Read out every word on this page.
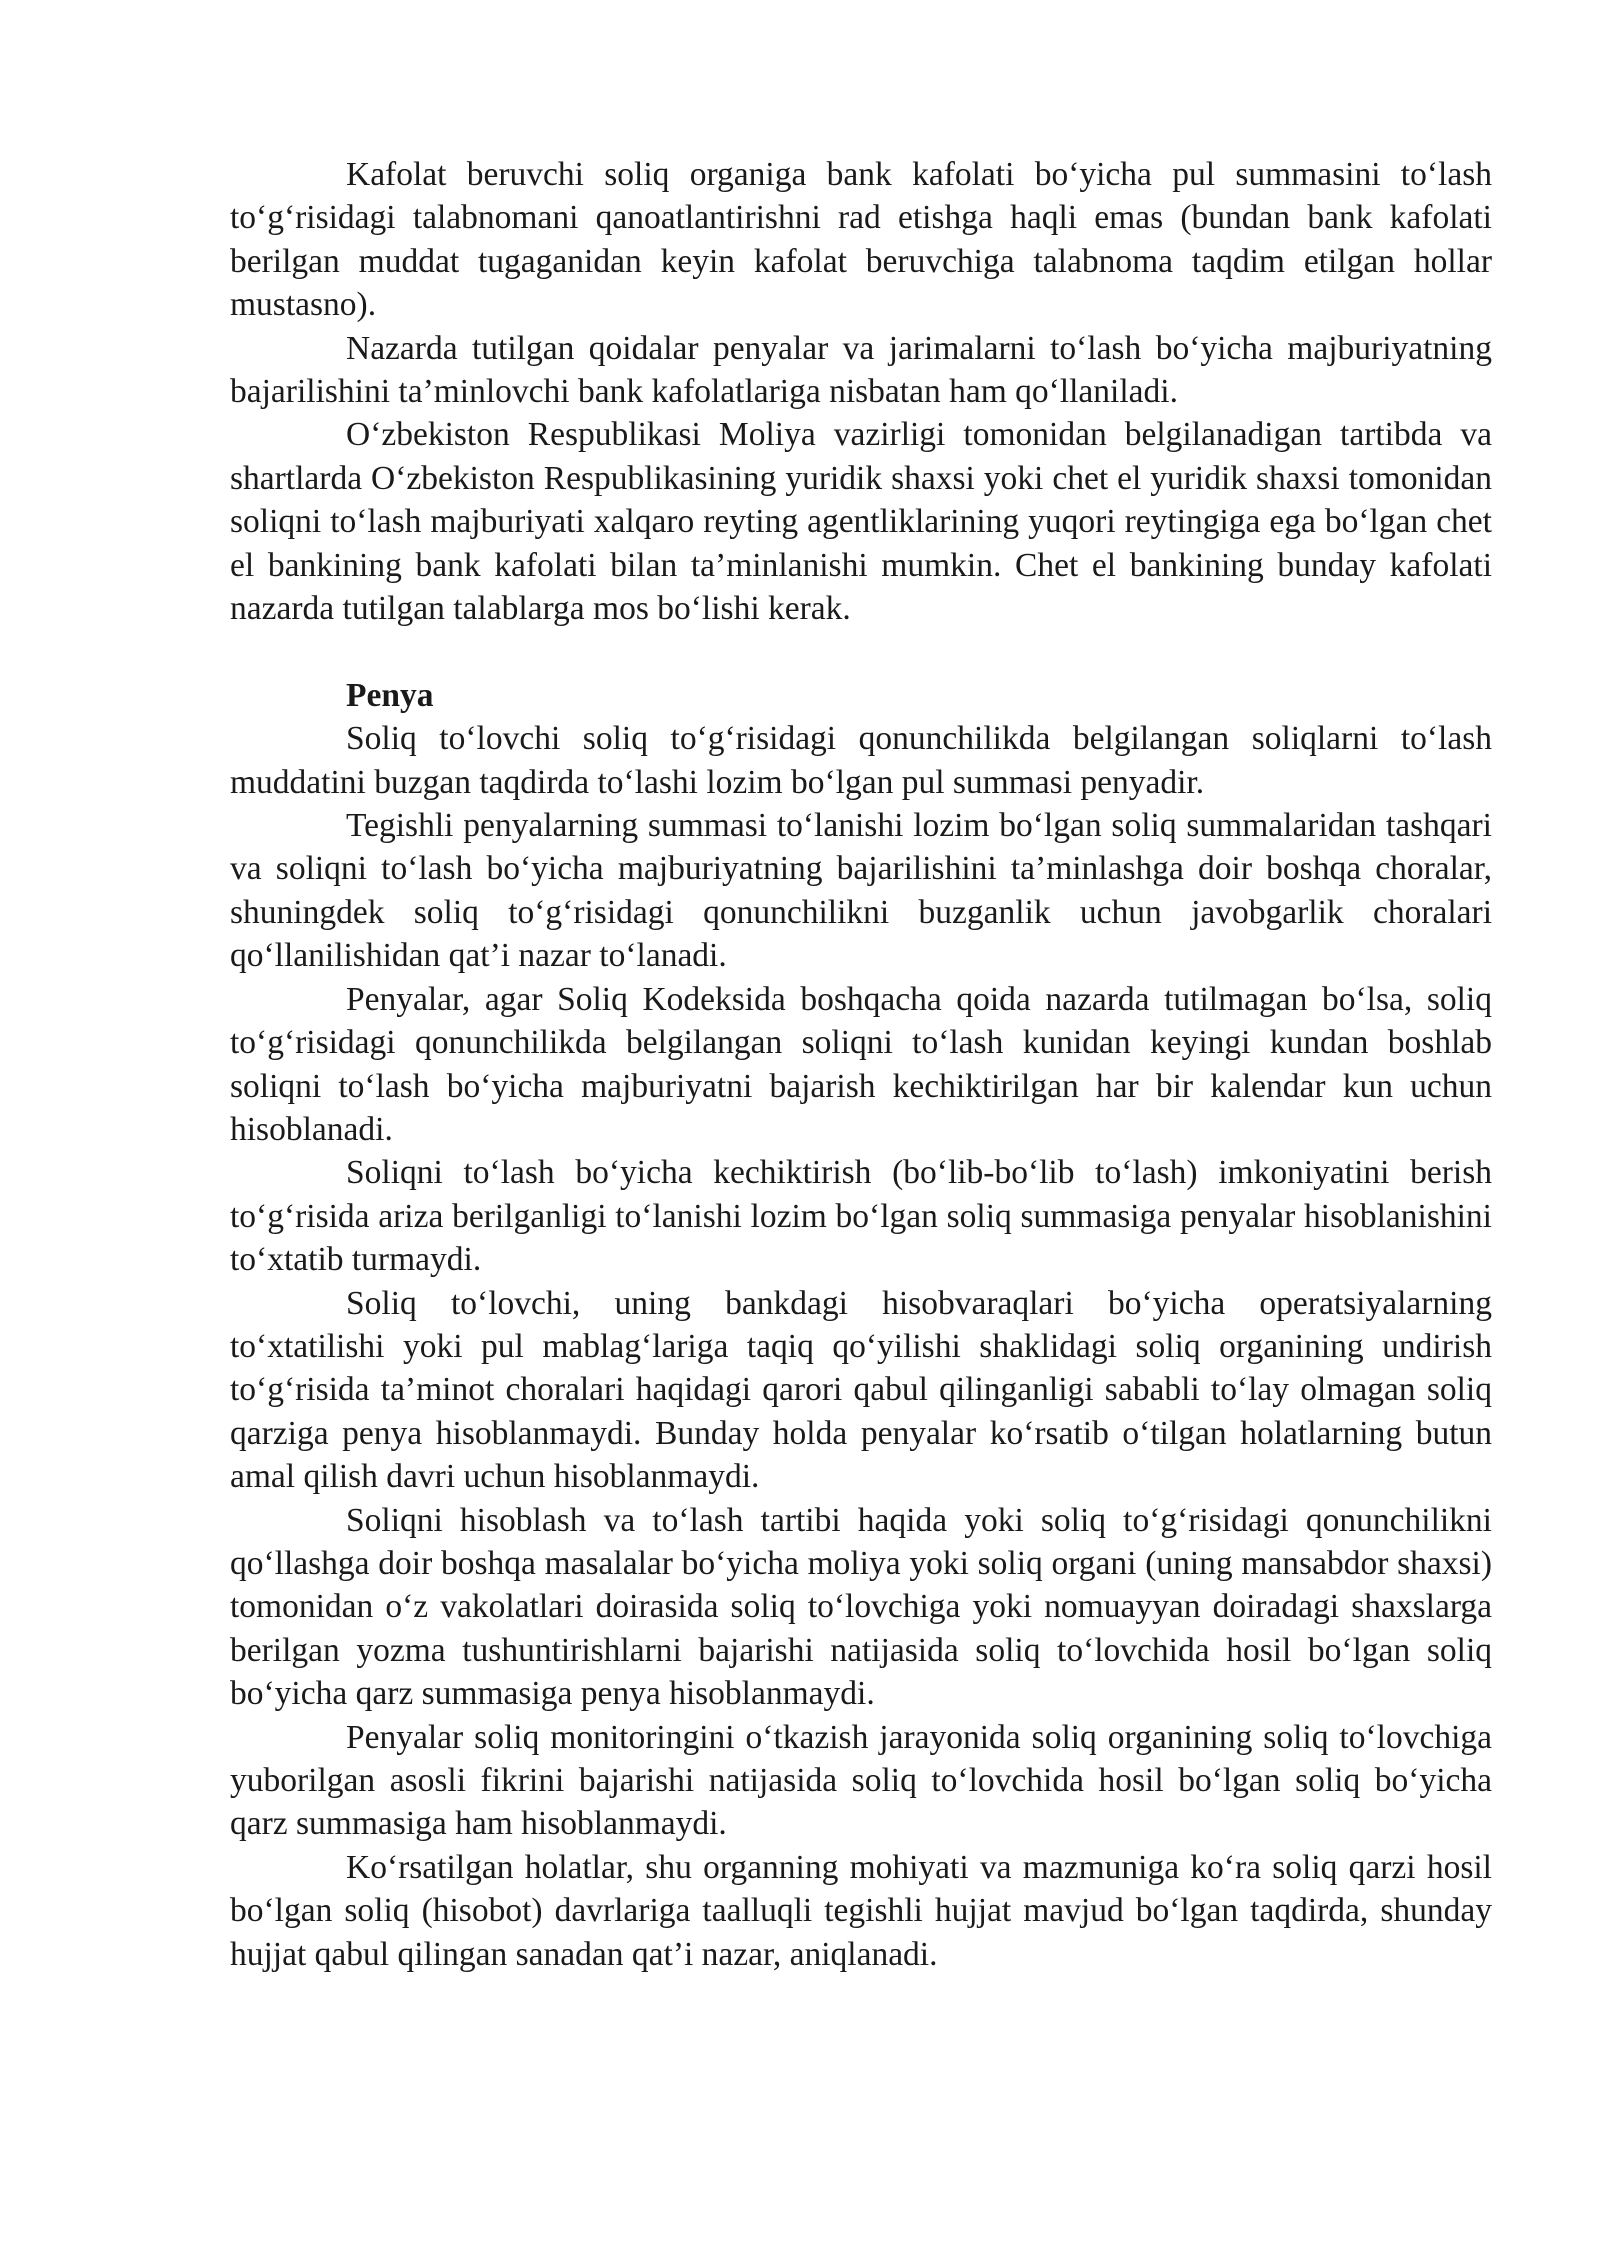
Kafolat beruvchi soliq organiga bank kafolati bo‘yicha pul summasini to‘lash to‘g‘risidagi talabnomani qanoatlantirishni rad etishga haqli emas (bundan bank kafolati berilgan muddat tugaganidan keyin kafolat beruvchiga talabnoma taqdim etilgan hollar mustasno).

Nazarda tutilgan qoidalar penyalar va jarimalarni to‘lash bo‘yicha majburiyatning bajarilishini ta’minlovchi bank kafolatlariga nisbatan ham qo‘llaniladi.

O‘zbekiston Respublikasi Moliya vazirligi tomonidan belgilanadigan tartibda va shartlarda O‘zbekiston Respublikasining yuridik shaxsi yoki chet el yuridik shaxsi tomonidan soliqni to‘lash majburiyati xalqaro reyting agentliklarining yuqori reytingiga ega bo‘lgan chet el bankining bank kafolati bilan ta’minlanishi mumkin. Chet el bankining bunday kafolati nazarda tutilgan talablarga mos bo‘lishi kerak.

Penya

Soliq to‘lovchi soliq to‘g‘risidagi qonunchilikda belgilangan soliqlarni to‘lash muddatini buzgan taqdirda to‘lashi lozim bo‘lgan pul summasi penyadir.

Tegishli penyalarning summasi to‘lanishi lozim bo‘lgan soliq summalaridan tashqari va soliqni to‘lash bo‘yicha majburiyatning bajarilishini ta’minlashga doir boshqa choralar, shuningdek soliq to‘g‘risidagi qonunchilikni buzganlik uchun javobgarlik choralari qo‘llanilishidan qat’i nazar to‘lanadi.

Penyalar, agar Soliq Kodeksida boshqacha qoida nazarda tutilmagan bo‘lsa, soliq to‘g‘risidagi qonunchilikda belgilangan soliqni to‘lash kunidan keyingi kundan boshlab soliqni to‘lash bo‘yicha majburiyatni bajarish kechiktirilgan har bir kalendar kun uchun hisoblanadi.

Soliqni to‘lash bo‘yicha kechiktirish (bo‘lib-bo‘lib to‘lash) imkoniyatini berish to‘g‘risida ariza berilganligi to‘lanishi lozim bo‘lgan soliq summasiga penyalar hisoblanishini to‘xtatib turmaydi.

Soliq to‘lovchi, uning bankdagi hisobvaraqlari bo‘yicha operatsiyalarning to‘xtatilishi yoki pul mablag‘lariga taqiq qo‘yilishi shaklidagi soliq organining undirish to‘g‘risida ta’minot choralari haqidagi qarori qabul qilinganligi sababli to‘lay olmagan soliq qarziga penya hisoblanmaydi. Bunday holda penyalar ko‘rsatib o‘tilgan holatlarning butun amal qilish davri uchun hisoblanmaydi.

Soliqni hisoblash va to‘lash tartibi haqida yoki soliq to‘g‘risidagi qonunchilikni qo‘llashga doir boshqa masalalar bo‘yicha moliya yoki soliq organi (uning mansabdor shaxsi) tomonidan o‘z vakolatlari doirasida soliq to‘lovchiga yoki nomuayyan doiradagi shaxslarga berilgan yozma tushuntirishlarni bajarishi natijasida soliq to‘lovchida hosil bo‘lgan soliq bo‘yicha qarz summasiga penya hisoblanmaydi.

Penyalar soliq monitoringini o‘tkazish jarayonida soliq organining soliq to‘lovchiga yuborilgan asosli fikrini bajarishi natijasida soliq to‘lovchida hosil bo‘lgan soliq bo‘yicha qarz summasiga ham hisoblanmaydi.

Ko‘rsatilgan holatlar, shu organning mohiyati va mazmuniga ko‘ra soliq qarzi hosil bo‘lgan soliq (hisobot) davrlariga taalluqli tegishli hujjat mavjud bo‘lgan taqdirda, shunday hujjat qabul qilingan sanadan qat’i nazar, aniqlanadi.
